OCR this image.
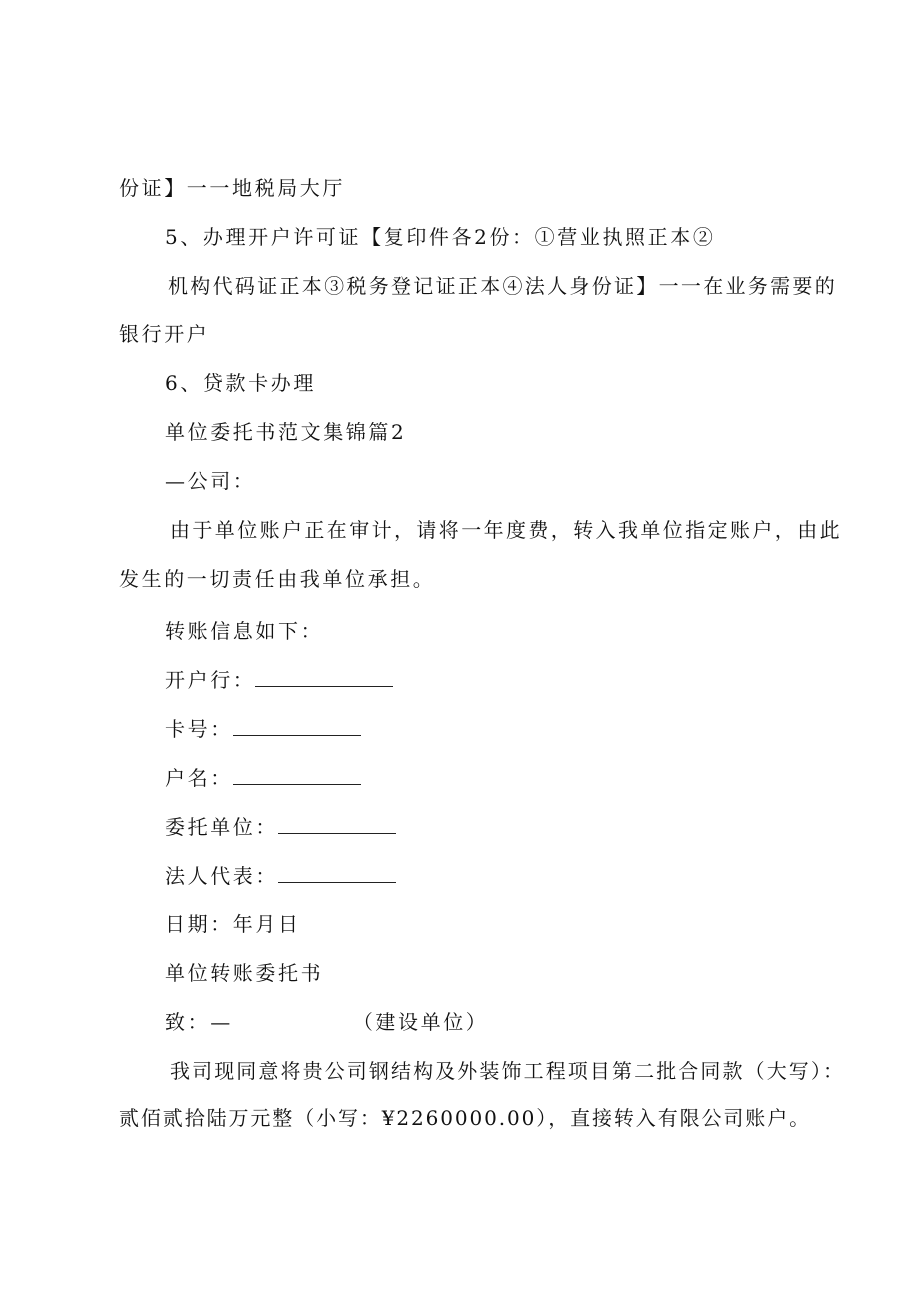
份证】一一地税局大厅
5、办理开户许可证【复印件各2份：①营业执照正本②
机构代码证正本③税务登记证正本④法人身份证】一一在业务需要的
银行开户
6、贷款卡办理
单位委托书范文集锦篇2
—公司：
由于单位账户正在审计，请将一年度费，转入我单位指定账户，由此
发生的一切责任由我单位承担。
转账信息如下：
开户行：
卡号：
户名：
委托单位：
法人代表：
日期：年月日
单位转账委托书
致：—	（建设单位）
我司现同意将贵公司钢结构及外装饰工程项目第二批合同款（大写）：
贰佰贰拾陆万元整（小写：¥2260000.00），直接转入有限公司账户。
